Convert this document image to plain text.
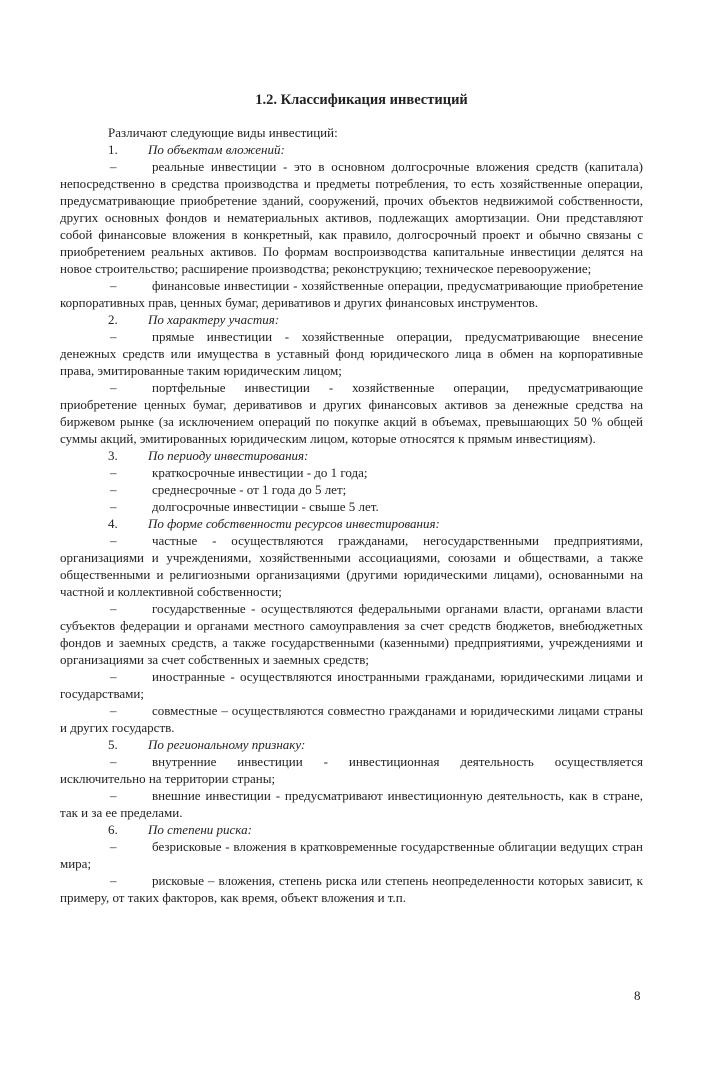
1.2. Классификация инвестиций

Различают следующие виды инвестиций:

1. По объектам вложений:

–	реальные инвестиции - это в основном долгосрочные вложения средств (капитала) непосредственно в средства производства и предметы потребления, то есть хозяйственные операции, предусматривающие приобретение зданий, сооружений, прочих объектов недвижимой собственности, других основных фондов и нематериальных активов, подлежащих амортизации. Они представляют собой финансовые вложения в конкретный, как правило, долгосрочный проект и обычно связаны с приобретением реальных активов. По формам воспроизводства капитальные инвестиции делятся на новое строительство; расширение производства; реконструкцию; техническое перевооружение;

–	финансовые инвестиции - хозяйственные операции, предусматривающие приобретение корпоративных прав, ценных бумаг, деривативов и других финансовых инструментов.

2. По характеру участия:

–	прямые инвестиции - хозяйственные операции, предусматривающие внесение денежных средств или имущества в уставный фонд юридического лица в обмен на корпоративные права, эмитированные таким юридическим лицом;

–	портфельные инвестиции - хозяйственные операции, предусматривающие приобретение ценных бумаг, деривативов и других финансовых активов за денежные средства на биржевом рынке (за исключением операций по покупке акций в объемах, превышающих 50 % общей суммы акций, эмитированных юридическим лицом, которые относятся к прямым инвестициям).

3. По периоду инвестирования:

–	краткосрочные инвестиции - до 1 года;

–	среднесрочные - от 1 года до 5 лет;

–	долгосрочные инвестиции - свыше 5 лет.

4. По форме собственности ресурсов инвестирования:

–	частные - осуществляются гражданами, негосударственными предприятиями, организациями и учреждениями, хозяйственными ассоциациями, союзами и обществами, а также общественными и религиозными организациями (другими юридическими лицами), основанными на частной и коллективной собственности;

–	государственные - осуществляются федеральными органами власти, органами власти субъектов федерации и органами местного самоуправления за счет средств бюджетов, внебюджетных фондов и заемных средств, а также государственными (казенными) предприятиями, учреждениями и организациями за счет собственных и заемных средств;

–	иностранные - осуществляются иностранными гражданами, юридическими лицами и государствами;

–	совместные – осуществляются совместно гражданами и юридическими лицами страны и других государств.

5. По региональному признаку:

–	внутренние инвестиции - инвестиционная деятельность осуществляется исключительно на территории страны;

–	внешние инвестиции - предусматривают инвестиционную деятельность, как в стране, так и за ее пределами.

6. По степени риска:

–	безрисковые - вложения в кратковременные государственные облигации ведущих стран мира;

–	рисковые – вложения, степень риска или степень неопределенности которых зависит, к примеру, от таких факторов, как время, объект вложения и т.п.

8
